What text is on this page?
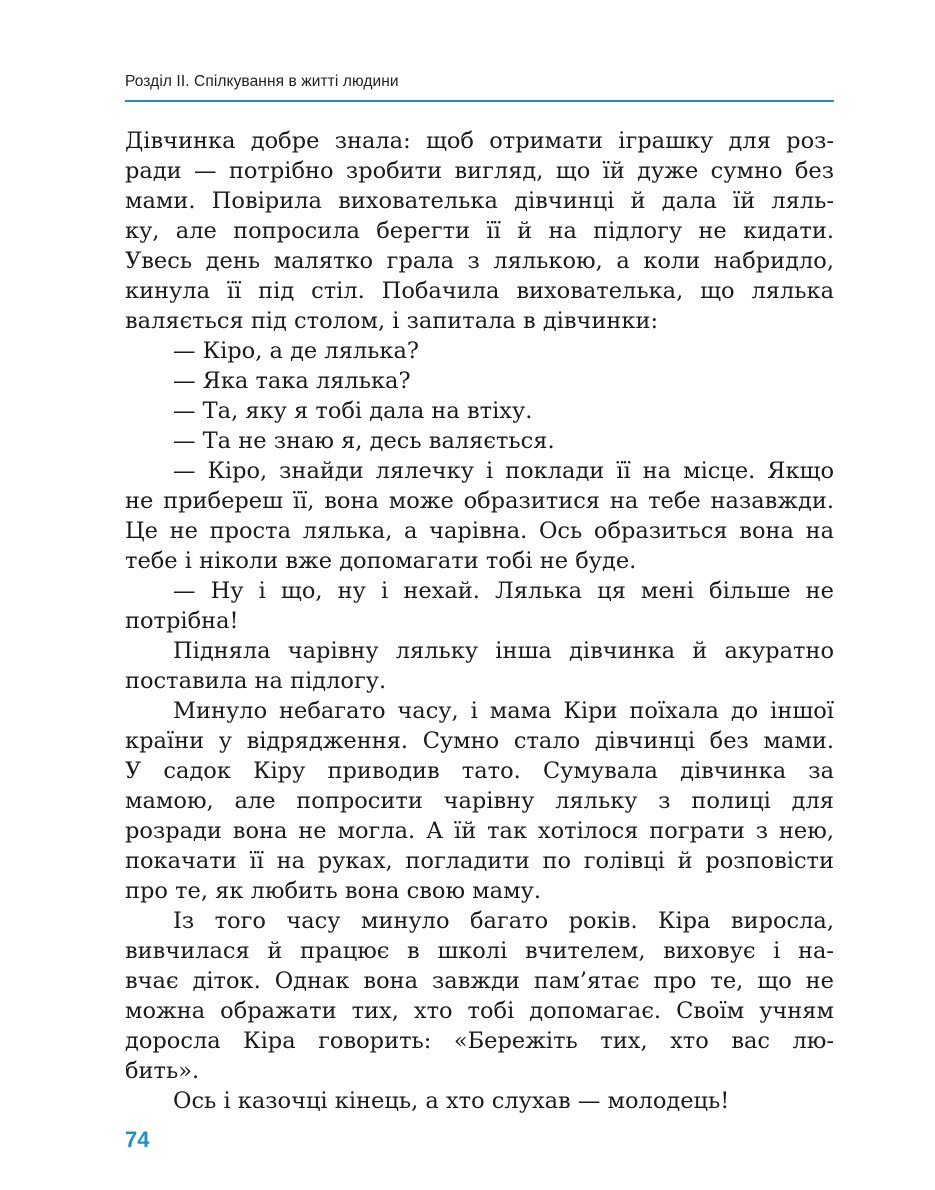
Розділ ІІ. Спілкування в житті людини
Дівчинка добре знала: щоб отримати іграшку для роз-
ради — потрібно зробити вигляд, що їй дуже сумно без
мами. Повірила вихователька дівчинці й дала їй ляль-
ку, але попросила берегти її й на підлогу не кидати.
Увесь день малятко грала з лялькою, а коли набридло,
кинула її під стіл. Побачила вихователька, що лялька
валяється під столом, і запитала в дівчинки:
— Кіро, а де лялька?
— Яка така лялька?
— Та, яку я тобі дала на втіху.
— Та не знаю я, десь валяється.
— Кіро, знайди лялечку і поклади її на місце. Якщо
не прибереш її, вона може образитися на тебе назавжди.
Це не проста лялька, а чарівна. Ось образиться вона на
тебе і ніколи вже допомагати тобі не буде.
— Ну і що, ну і нехай. Лялька ця мені більше не
потрібна!
Підняла чарівну ляльку інша дівчинка й акуратно
поставила на підлогу.
Минуло небагато часу, і мама Кіри поїхала до іншої
країни у відрядження. Сумно стало дівчинці без мами.
У садок Кіру приводив тато. Сумувала дівчинка за
мамою, але попросити чарівну ляльку з полиці для
розради вона не могла. А їй так хотілося пограти з нею,
покачати її на руках, погладити по голівці й розповісти
про те, як любить вона свою маму.
Із того часу минуло багато років. Кіра виросла,
вивчилася й працює в школі вчителем, виховує і на-
вчає діток. Однак вона завжди пам’ятає про те, що не
можна ображати тих, хто тобі допомагає. Своїм учням
доросла Кіра говорить: «Бережіть тих, хто вас лю-
бить».
Ось і казочці кінець, а хто слухав — молодець!
74
